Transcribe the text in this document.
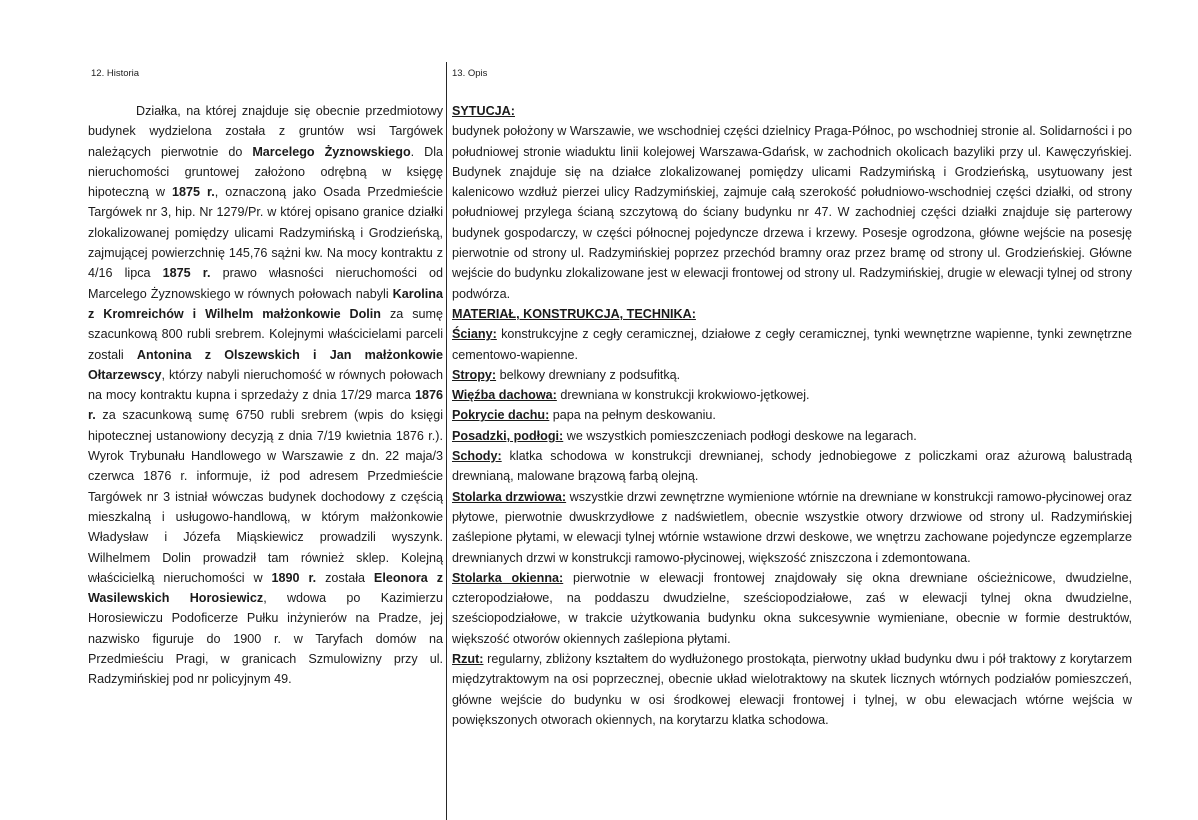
12. Historia	13. Opis

Działka, na której znajduje się obecnie przedmiotowy budynek wydzielona została z gruntów wsi Targówek należących pierwotnie do Marcelego Żyznowskiego. Dla nieruchomości gruntowej założono odrębną w księgę hipoteczną w 1875 r., oznaczoną jako Osada Przedmieście Targówek nr 3, hip. Nr 1279/Pr. w której opisano granice działki zlokalizowanej pomiędzy ulicami Radzymińską i Grodzieńską, zajmującej powierzchnię 145,76 sążni kw. Na mocy kontraktu z 4/16 lipca 1875 r. prawo własności nieruchomości od Marcelego Żyznowskiego w równych połowach nabyli Karolina z Kromreichów i Wilhelm małżonkowie Dolin za sumę szacunkową 800 rubli srebrem. Kolejnymi właścicielami parceli zostali Antonina z Olszewskich i Jan małżonkowie Ołtarzewscy, którzy nabyli nieruchomość w równych połowach na mocy kontraktu kupna i sprzedaży z dnia 17/29 marca 1876 r. za szacunkową sumę 6750 rubli srebrem (wpis do księgi hipotecznej ustanowiony decyzją z dnia 7/19 kwietnia 1876 r.). Wyrok Trybunału Handlowego w Warszawie z dn. 22 maja/3 czerwca 1876 r. informuje, iż pod adresem Przedmieście Targówek nr 3 istniał wówczas budynek dochodowy z częścią mieszkalną i usługowo-handlową, w którym małżonkowie Władysław i Józefa Miąskiewicz prowadzili wyszynk. Wilhelmem Dolin prowadził tam również sklep. Kolejną właścicielką nieruchomości w 1890 r. została Eleonora z Wasilewskich Horosiewicz, wdowa po Kazimierzu Horosiewiczu Podoficerze Pułku inżynierów na Pradze, jej nazwisko figuruje do 1900 r. w Taryfach domów na Przedmieściu Pragi, w granicach Szmulowizny przy ul. Radzymińskiej pod nr policyjnym 49.

SYTUCJA:

budynek położony w Warszawie, we wschodniej części dzielnicy Praga-Północ, po wschodniej stronie al. Solidarności i po południowej stronie wiaduktu linii kolejowej Warszawa-Gdańsk, w zachodnich okolicach bazyliki przy ul. Kawęczyńskiej. Budynek znajduje się na działce zlokalizowanej pomiędzy ulicami Radzymińską i Grodzieńską, usytuowany jest kalenicowo wzdłuż pierzei ulicy Radzymińskiej, zajmuje całą szerokość południowo-wschodniej części działki, od strony południowej przylega ścianą szczytową do ściany budynku nr 47. W zachodniej części działki znajduje się parterowy budynek gospodarczy, w części północnej pojedyncze drzewa i krzewy. Posesje ogrodzona, główne wejście na posesję pierwotnie od strony ul. Radzymińskiej poprzez przechód bramny oraz przez bramę od strony ul. Grodzieńskiej. Główne wejście do budynku zlokalizowane jest w elewacji frontowej od strony ul. Radzymińskiej, drugie w elewacji tylnej od strony podwórza.

MATERIAŁ, KONSTRUKCJA, TECHNIKA:

Ściany: konstrukcyjne z cegły ceramicznej, działowe z cegły ceramicznej, tynki wewnętrzne wapienne, tynki zewnętrzne cementowo-wapienne.

Stropy: belkowy drewniany z podsufitką.

Więźba dachowa: drewniana w konstrukcji krokwiowo-jętkowej.

Pokrycie dachu: papa na pełnym deskowaniu.

Posadzki, podłogi: we wszystkich pomieszczeniach podłogi deskowe na legarach.

Schody: klatka schodowa w konstrukcji drewnianej, schody jednobiegowe z policzkami oraz ażurową balustradą drewnianą, malowane brązową farbą olejną.

Stolarka drzwiowa: wszystkie drzwi zewnętrzne wymienione wtórnie na drewniane w konstrukcji ramowo-płycinowej oraz płytowe, pierwotnie dwuskrzydłowe z nadświetlem, obecnie wszystkie otwory drzwiowe od strony ul. Radzymińskiej zaślepione płytami, w elewacji tylnej wtórnie wstawione drzwi deskowe, we wnętrzu zachowane pojedyncze egzemplarze drewnianych drzwi w konstrukcji ramowo-płycinowej, większość zniszczona i zdemontowana.

Stolarka okienna: pierwotnie w elewacji frontowej znajdowały się okna drewniane ościeżnicowe, dwudzielne, czteropodziałowe, na poddaszu dwudzielne, sześciopodziałowe, zaś w elewacji tylnej okna dwudzielne, sześciopodziałowe, w trakcie użytkowania budynku okna sukcesywnie wymieniane, obecnie w formie destruktów, większość otworów okiennych zaślepiona płytami.

Rzut: regularny, zbliżony kształtem do wydłużonego prostokąta, pierwotny układ budynku dwu i pół traktowy z korytarzem międzytraktowym na osi poprzecznej, obecnie układ wielotraktowy na skutek licznych wtórnych podziałów pomieszczeń, główne wejście do budynku w osi środkowej elewacji frontowej i tylnej, w obu elewacjach wtórne wejścia w powiększonych otworach okiennych, na korytarzu klatka schodowa.
